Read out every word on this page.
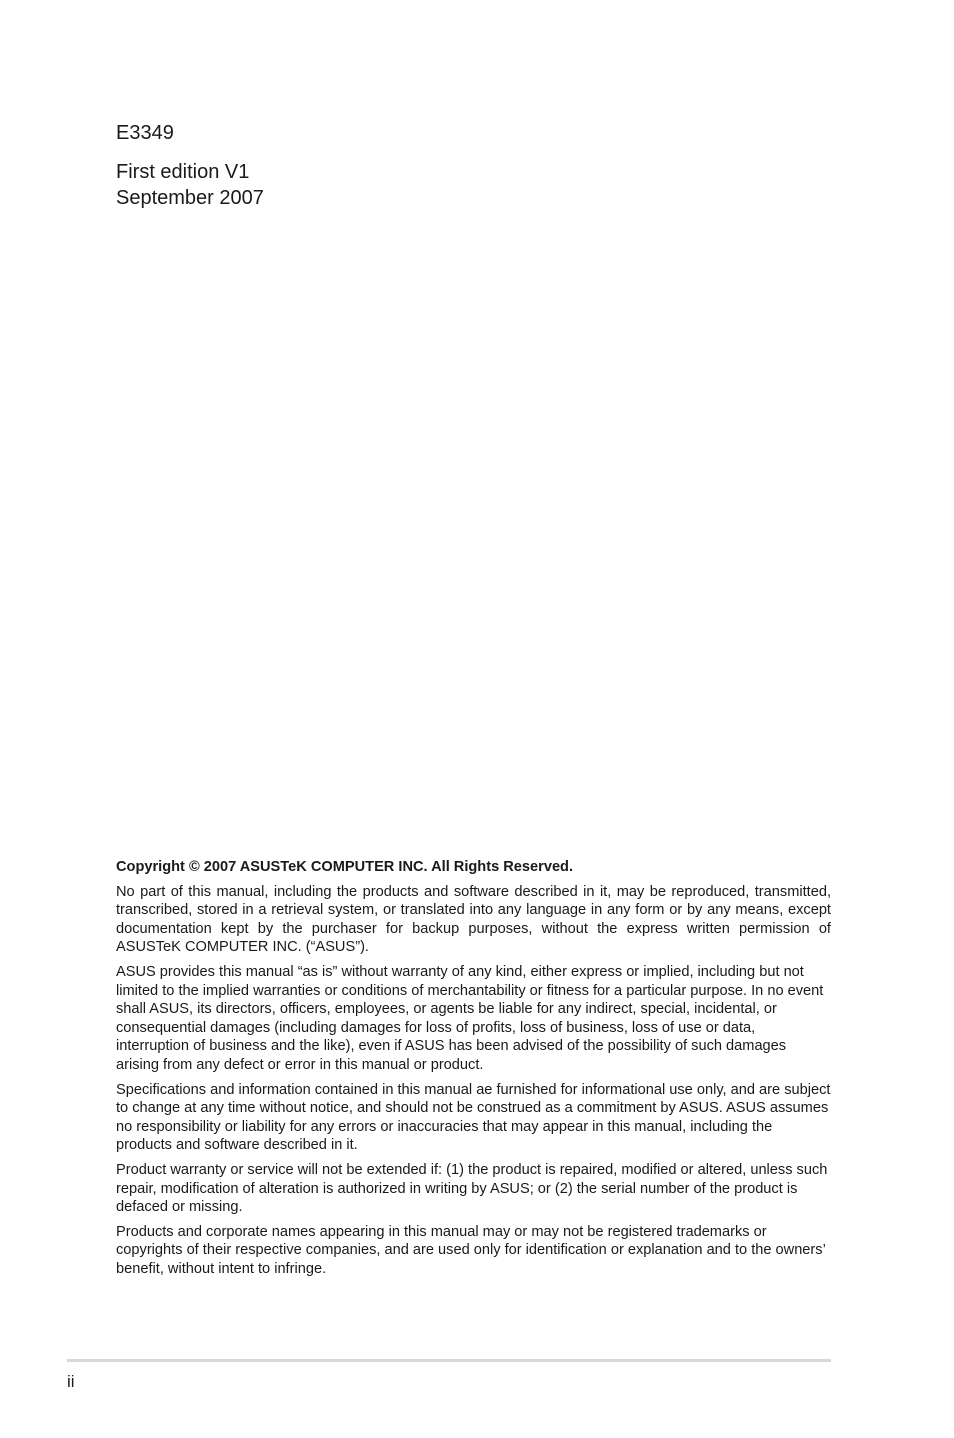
E3349

First edition V1

September 2007

Copyright © 2007 ASUSTeK COMPUTER INC. All Rights Reserved.

No part of this manual, including the products and software described in it, may be reproduced, transmitted, transcribed, stored in a retrieval system, or translated into any language in any form or by any means, except documentation kept by the purchaser for backup purposes, without the express written permission of ASUSTeK COMPUTER INC. (“ASUS”).

ASUS provides this manual “as is” without warranty of any kind, either express or implied, including but not limited to the implied warranties or conditions of merchantability or fitness for a particular purpose. In no event shall ASUS, its directors, officers, employees, or agents be liable for any indirect, special, incidental, or consequential damages (including damages for loss of profits, loss of business, loss of use or data, interruption of business and the like), even if ASUS has been advised of the possibility of such damages arising from any defect or error in this manual or product.

Specifications and information contained in this manual ae furnished for informational use only, and are subject to change at any time without notice, and should not be construed as a commitment by ASUS. ASUS assumes no responsibility or liability for any errors or inaccuracies that may appear in this manual, including the products and software described in it.

Product warranty or service will not be extended if: (1) the product is repaired, modified or altered, unless such repair, modification of alteration is authorized in writing by ASUS; or (2) the serial number of the product is defaced or missing.

Products and corporate names appearing in this manual may or may not be registered trademarks or copyrights of their respective companies, and are used only for identification or explanation and to the owners’ benefit, without intent to infringe.

ii
